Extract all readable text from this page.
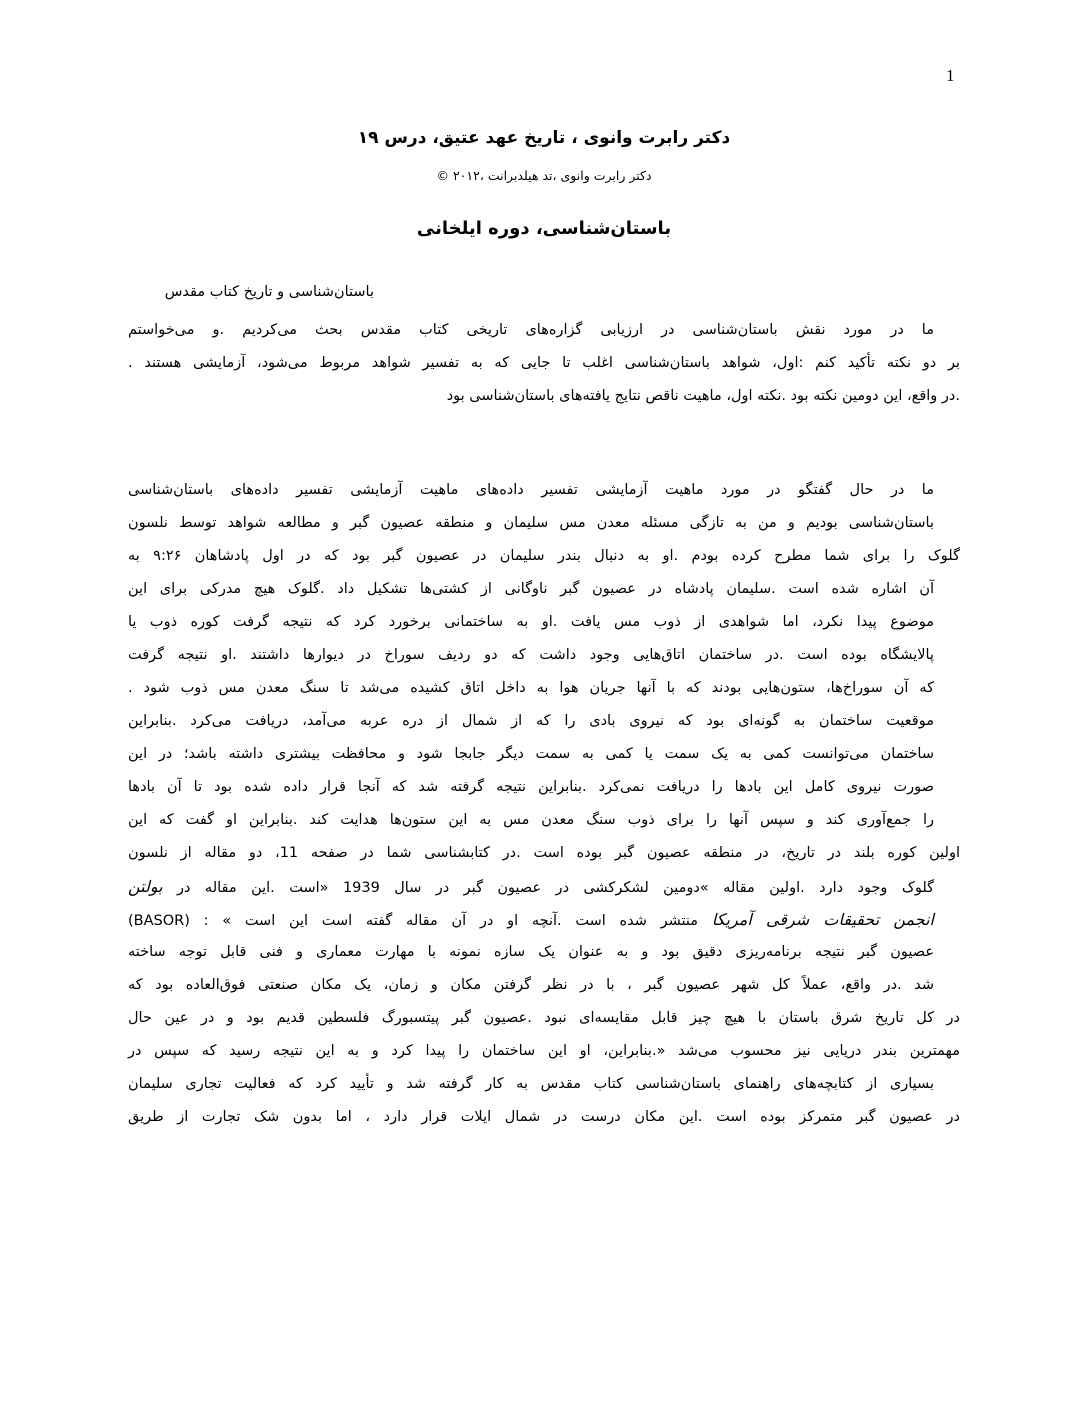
1
دکتر رابرت وانوی ، تاریخ عهد عتیق، درس ۱۹
دکتر رابرت وانوی ،تد هیلدبرانت ،۲۰۱۲ ©
باستان‌شناسی، دوره ایلخانی
باستان‌شناسی و تاریخ کتاب مقدس
ما در مورد نقش باستان‌شناسی در ارزیابی گزاره‌های تاریخی کتاب مقدس بحث می‌کردیم .و می‌خواستم
بر دو نکته تأکید کنم :اول، شواهد باستان‌شناسی اغلب تا جایی که به تفسیر شواهد مربوط می‌شود، آزمایشی هستند .
.در واقع، این دومین نکته بود .نکته اول، ماهیت ناقص نتایج یافته‌های باستان‌شناسی بود
ما در حال گفتگو در مورد ماهیت آزمایشی تفسیر داده‌های ماهیت آزمایشی تفسیر داده‌های باستان‌شناسی
باستان‌شناسی بودیم و من به تازگی مسئله معدن مس سلیمان و منطقه عصیون گبر و مطالعه شواهد توسط نلسون
گلوک را برای شما مطرح کرده بودم .او به دنبال بندر سلیمان در عصیون گبر بود که در اول پادشاهان ۹:۲۶ به
آن اشاره شده است .سلیمان پادشاه در عصیون گبر ناوگانی از کشتی‌ها تشکیل داد .گلوک هیچ مدرکی برای این
موضوع پیدا نکرد، اما شواهدی از ذوب مس یافت .او به ساختمانی برخورد کرد که نتیجه گرفت کوره ذوب یا
پالایشگاه بوده است .در ساختمان اتاق‌هایی وجود داشت که دو ردیف سوراخ در دیوارها داشتند .او نتیجه گرفت
که آن سوراخ‌ها، ستون‌هایی بودند که با آنها جریان هوا به داخل اتاق کشیده می‌شد تا سنگ معدن مس ذوب شود .
موقعیت ساختمان به گونه‌ای بود که نیروی بادی را که از شمال از دره عربه می‌آمد، دریافت می‌کرد .بنابراین
ساختمان می‌توانست کمی به یک سمت یا کمی به سمت دیگر جابجا شود و محافظت بیشتری داشته باشد؛ در این
صورت نیروی کامل این بادها را دریافت نمی‌کرد .بنابراین نتیجه گرفته شد که آنجا قرار داده شده بود تا آن بادها
را جمع‌آوری کند و سپس آنها را برای ذوب سنگ معدن مس به این ستون‌ها هدایت کند .بنابراین او گفت که این
اولین کوره بلند در تاریخ، در منطقه عصیون گبر بوده است .در کتابشناسی شما در صفحه 11، دو مقاله از نلسون
گلوک وجود دارد .اولین مقاله »دومین لشکرکشی در عصیون گبر در سال 1939 «است .این مقاله در بولتن
انجمن تحقیقات شرقی آمریکا منتشر شده است .آنچه او در آن مقاله گفته است این است » : (BASOR)
عصیون گبر نتیجه برنامه‌ریزی دقیق بود و به عنوان یک سازه نمونه با مهارت معماری و فنی قابل توجه ساخته
شد .در واقع، عملاً کل شهر عصیون گبر ، با در نظر گرفتن مکان و زمان، یک مکان صنعتی فوق‌العاده بود که
در کل تاریخ شرق باستان با هیچ چیز قابل مقایسه‌ای نبود .عصیون گبر پیتسبورگ فلسطین قدیم بود و در عین حال
مهمترین بندر دریایی نیز محسوب می‌شد «.بنابراین، او این ساختمان را پیدا کرد و به این نتیجه رسید که سپس در
بسیاری از کتابچه‌های راهنمای باستان‌شناسی کتاب مقدس به کار گرفته شد و تأیید کرد که فعالیت تجاری سلیمان
در عصیون گبر متمرکز بوده است .این مکان درست در شمال ایلات قرار دارد ، اما بدون شک تجارت از طریق
